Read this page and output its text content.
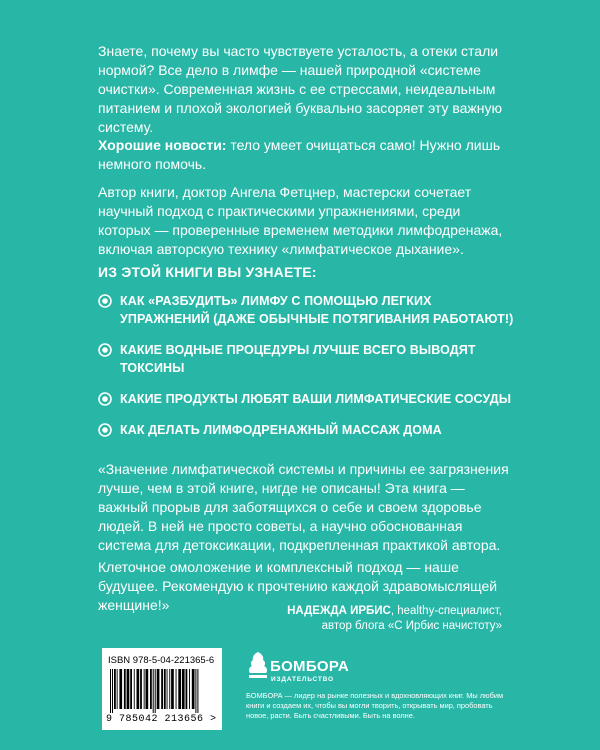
Знаете, почему вы часто чувствуете усталость, а отеки стали нормой? Все дело в лимфе — нашей природной «системе очистки». Современная жизнь с ее стрессами, неидеальным питанием и плохой экологией буквально засоряет эту важную систему.

Хорошие новости: тело умеет очищаться само! Нужно лишь немного помочь.

Автор книги, доктор Ангела Фетцнер, мастерски сочетает научный подход с практическими упражнениями, среди которых — проверенные временем методики лимфодренажа, включая авторскую технику «лимфатическое дыхание».

ИЗ ЭТОЙ КНИГИ ВЫ УЗНАЕТЕ:
КАК «РАЗБУДИТЬ» ЛИМФУ С ПОМОЩЬЮ ЛЕГКИХ УПРАЖНЕНИЙ (ДАЖЕ ОБЫЧНЫЕ ПОТЯГИВАНИЯ РАБОТАЮТ!)
КАКИЕ ВОДНЫЕ ПРОЦЕДУРЫ ЛУЧШЕ ВСЕГО ВЫВОДЯТ ТОКСИНЫ
КАКИЕ ПРОДУКТЫ ЛЮБЯТ ВАШИ ЛИМФАТИЧЕСКИЕ СОСУДЫ
КАК ДЕЛАТЬ ЛИМФОДРЕНАЖНЫЙ МАССАЖ ДОМА

«Значение лимфатической системы и причины ее загрязнения лучше, чем в этой книге, нигде не описаны! Эта книга — важный прорыв для заботящихся о себе и своем здоровье людей. В ней не просто советы, а научно обоснованная система для детоксикации, подкрепленная практикой автора.

Клеточное омоложение и комплексный подход — наше будущее. Рекомендую к прочтению каждой здравомыслящей женщине!»	НАДЕЖДА ИРБИС, healthy-специалист,
автор блога «С Ирбис начистоту»
ISBN 978-5-04-221365-6
9 785042 213656 >
БОМБОРА
ИЗДАТЕЛЬСТВО
БОМБОРА — лидер на рынке полезных и вдохновляющих книг. Мы любим книги и создаем их, чтобы вы могли творить, открывать мир, пробовать новое, расти. Быть счастливыми. Быть на волне.
